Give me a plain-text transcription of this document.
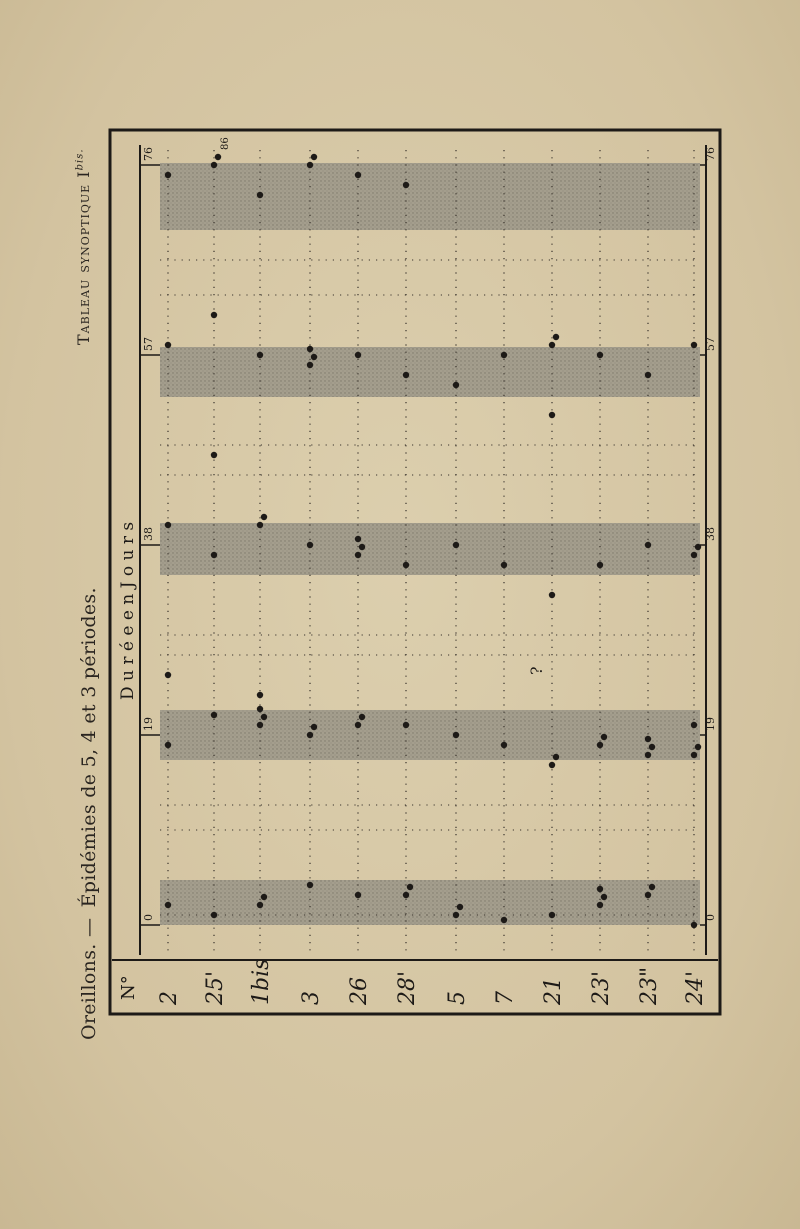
Oreillons. — Épidémies de 5, 4 et 3 périodes.
Tableau synoptique $I^{bis.}$
0	0
19	19
38	38
57	57
76	76
N° 2 25' 1bis 3 26 28' 5 7 21 23' 23" 24'
D u r é e e n J o u r s
86
?
